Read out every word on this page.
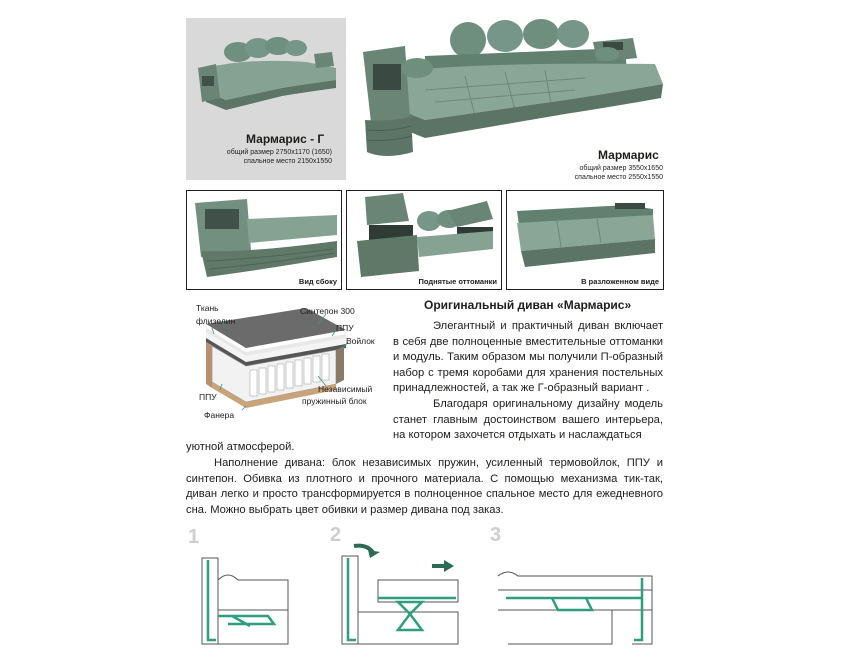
Мармарис - Г
общий размер 2750х1170 (1650)
спальное место 2150х1550	Мармарис
общий размер 3550х1650
спальное место 2550х1550
Вид сбоку	Поднятые оттоманки	В разложенном виде
Ткань
флизелин
Синтепон 300
ППУ
Войлок
Независимый
пружинный блок
ППУ
Фанера
Оригинальный диван «Мармарис»
Элегантный и практичный диван включает в себя две полноценные вместительные оттоманки и модуль. Таким образом мы получили П-образный набор с тремя коробами для хранения постельных принадлежностей, а так же Г-образный вариант .
Благодаря оригинальному дизайну модель станет главным достоинством вашего интерьера, на котором захочется отдыхать и наслаждаться
уютной атмосферой.
Наполнение дивана: блок независимых пружин, усиленный термовойлок, ППУ и синтепон. Обивка из плотного и прочного материала. С помощью механизма тик-так, диван легко и просто трансформируется в полноценное спальное место для ежедневного сна. Можно выбрать цвет обивки и размер дивана под заказ.
1	2	3
